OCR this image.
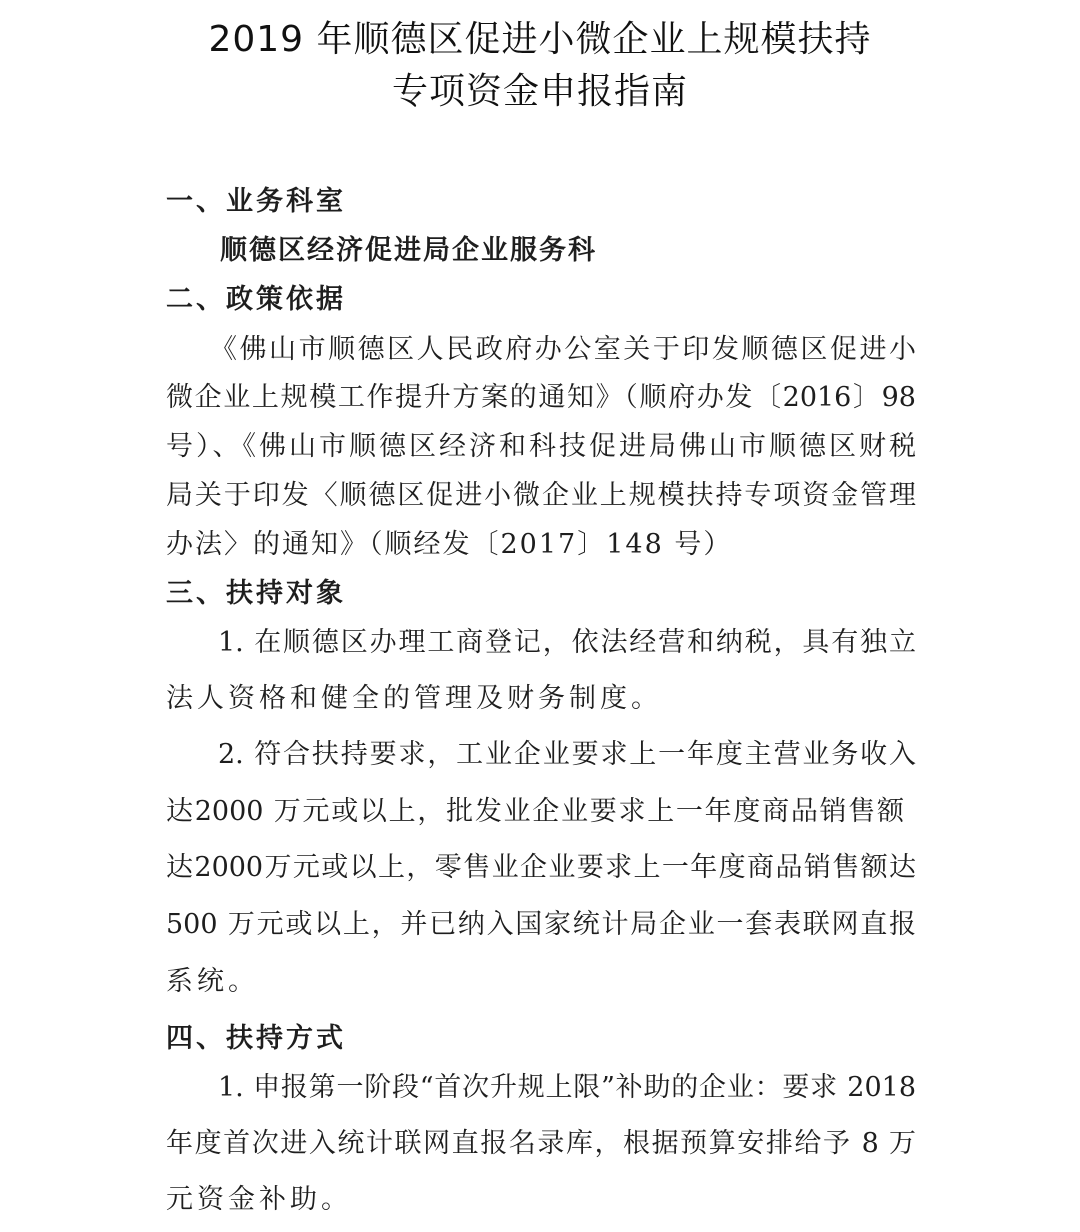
2019 年顺德区促进小微企业上规模扶持
专项资金申报指南
一、业务科室
顺德区经济促进局企业服务科
二、政策依据
《佛山市顺德区人民政府办公室关于印发顺德区促进小
微企业上规模工作提升方案的通知》（顺府办发〔2016〕98
号）、《佛山市顺德区经济和科技促进局佛山市顺德区财税
局关于印发〈顺德区促进小微企业上规模扶持专项资金管理
办法〉的通知》（顺经发〔2017〕148 号）
三、扶持对象
1. 在顺德区办理工商登记，依法经营和纳税，具有独立
法人资格和健全的管理及财务制度。
2. 符合扶持要求，工业企业要求上一年度主营业务收入
达2000 万元或以上，批发业企业要求上一年度商品销售额
达2000万元或以上，零售业企业要求上一年度商品销售额达
500 万元或以上，并已纳入国家统计局企业一套表联网直报
系统。
四、扶持方式
1. 申报第一阶段“首次升规上限”补助的企业：要求 2018
年度首次进入统计联网直报名录库，根据预算安排给予 8 万
元资金补助。
